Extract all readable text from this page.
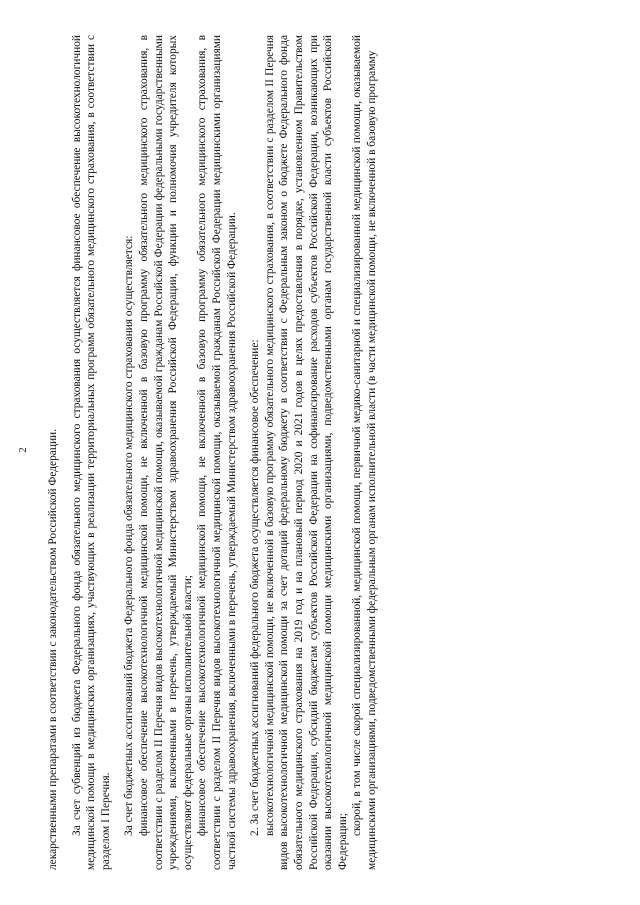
2 лекарственными препаратами в соответствии с законодательством Российской Федерации. За счет субвенций из бюджета Федерального фонда обязательного медицинского страхования осуществляется финансовое обеспечение высокотехнологичной медицинской помощи в медицинских организациях, участвующих в реализации территориальных программ обязательного медицинского страхования, в соответствии с разделом I Перечня. За счет бюджетных ассигнований бюджета Федерального фонда обязательного медицинского страхования осуществляется: финансовое обеспечение высокотехнологичной медицинской помощи, не включенной в базовую программу обязательного медицинского страхования, в соответствии с разделом II Перечня видов высокотехнологичной медицинской помощи, оказываемой гражданам Российской Федерации федеральными государственными учреждениями, включенными в перечень, утверждаемый Министерством здравоохранения Российской Федерации, функции и полномочия учредителя которых осуществляют федеральные органы исполнительной власти; финансовое обеспечение высокотехнологичной медицинской помощи, не включенной в базовую программу обязательного медицинского страхования, в соответствии с разделом II Перечня видов высокотехнологичной медицинской помощи, оказываемой гражданам Российской Федерации медицинскими организациями частной системы здравоохранения, включенными в перечень, утверждаемый Министерством здравоохранения Российской Федерации. 2. За счет бюджетных ассигнований федерального бюджета осуществляется финансовое обеспечение: высокотехнологичной медицинской помощи, не включенной в базовую программу обязательного медицинского страхования, в соответствии с разделом II Перечня видов высокотехнологичной медицинской помощи за счет дотаций федеральному бюджету в соответствии с Федеральным законом о бюджете Федерального фонда обязательного медицинского страхования на 2019 год и на плановый период 2020 и 2021 годов в целях предоставления в порядке, установленном Правительством Российской Федерации, субсидий бюджетам субъектов Российской Федерации на софинансирование расходов субъектов Российской Федерации, возникающих при оказании высокотехнологичной медицинской помощи медицинскими организациями, подведомственными органам государственной власти субъектов Российской Федерации;

скорой, в том числе скорой специализированной, медицинской помощи, первичной медико-санитарной и специализированной медицинской помощи, оказываемой медицинскими организациями, подведомственными федеральным органам исполнительной власти (в части медицинской помощи, не включенной в базовую программу
